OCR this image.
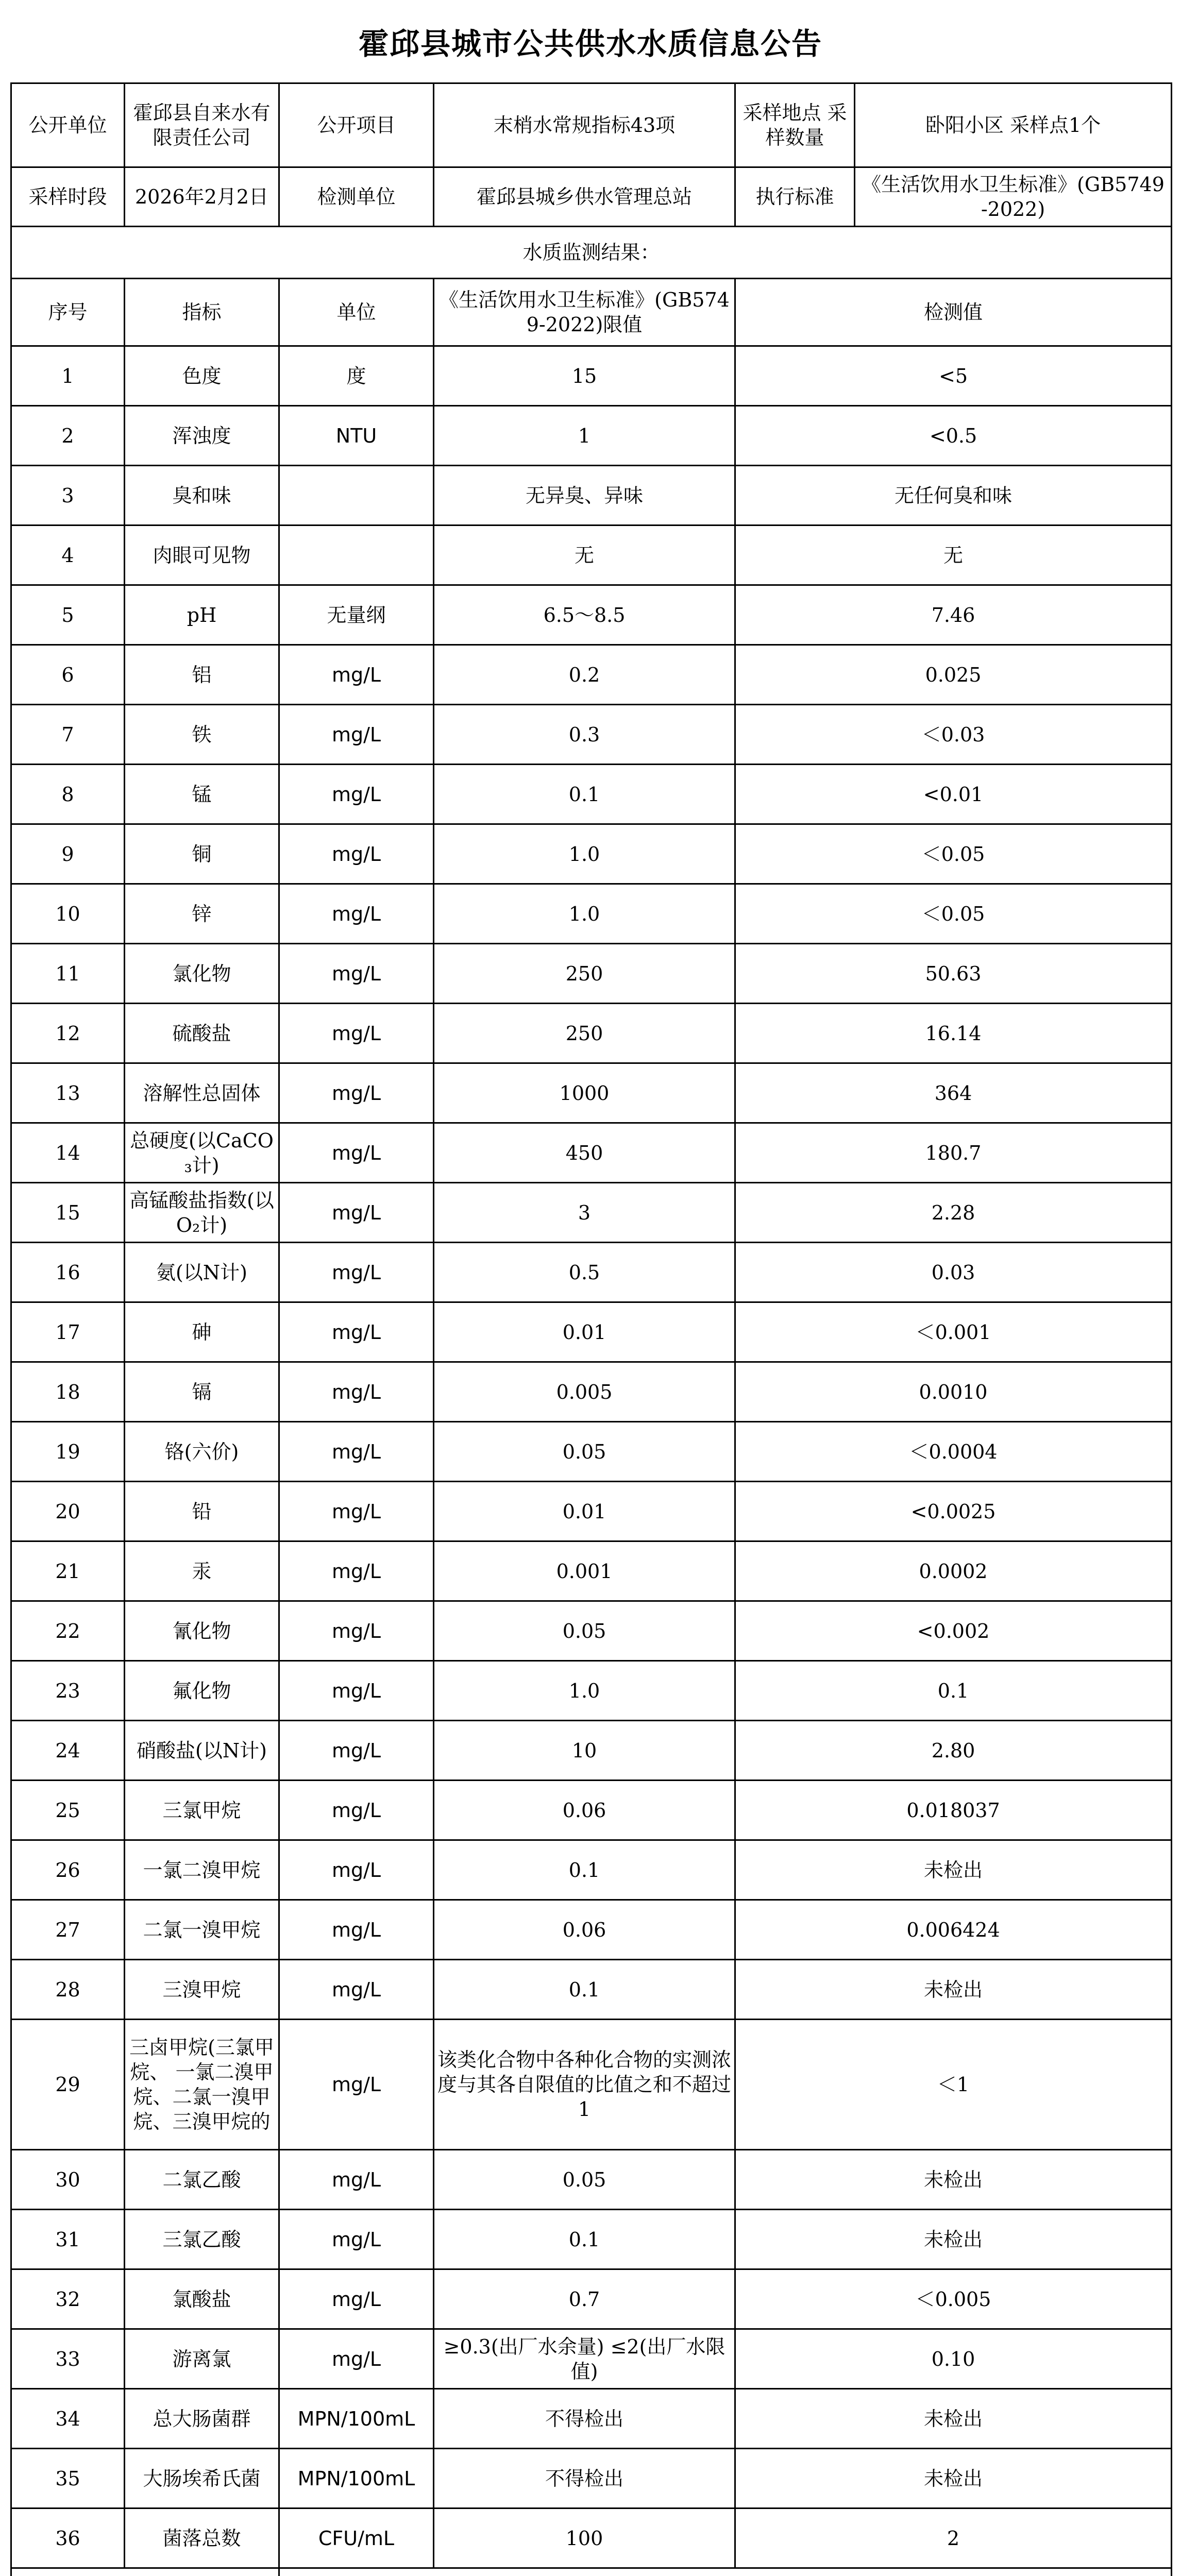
霍邱县城市公共供水水质信息公告
公开单位	霍邱县自来水有限责任公司	公开项目	末梢水常规指标43项	采样地点 采样数量	卧阳小区 采样点1个
采样时段	2026年2月2日	检测单位	霍邱县城乡供水管理总站	执行标准	《生活饮用水卫生标准》(GB5749-2022)
水质监测结果：					
序号	指标	单位	《生活饮用水卫生标准》(GB5749-2022)限值	检测值	
1	色度	度	15	<5	
2	浑浊度	NTU	1	<0.5	
3	臭和味		无异臭、异味	无任何臭和味	
4	肉眼可见物		无	无	
5	pH	无量纲	6.5～8.5	7.46	
6	铝	mg/L	0.2	0.025	
7	铁	mg/L	0.3	＜0.03	
8	锰	mg/L	0.1	<0.01	
9	铜	mg/L	1.0	＜0.05	
10	锌	mg/L	1.0	＜0.05	
11	氯化物	mg/L	250	50.63	
12	硫酸盐	mg/L	250	16.14	
13	溶解性总固体	mg/L	1000	364	
14	总硬度(以CaCO₃计)	mg/L	450	180.7	
15	高锰酸盐指数(以O₂计)	mg/L	3	2.28	
16	氨(以N计)	mg/L	0.5	0.03	
17	砷	mg/L	0.01	＜0.001	
18	镉	mg/L	0.005	0.0010	
19	铬(六价)	mg/L	0.05	＜0.0004	
20	铅	mg/L	0.01	<0.0025	
21	汞	mg/L	0.001	0.0002	
22	氰化物	mg/L	0.05	<0.002	
23	氟化物	mg/L	1.0	0.1	
24	硝酸盐(以N计)	mg/L	10	2.80	
25	三氯甲烷	mg/L	0.06	0.018037	
26	一氯二溴甲烷	mg/L	0.1	未检出	
27	二氯一溴甲烷	mg/L	0.06	0.006424	
28	三溴甲烷	mg/L	0.1	未检出	
29	三卤甲烷(三氯甲烷、 一氯二溴甲烷、二氯一溴甲烷、三溴甲烷的	mg/L	该类化合物中各种化合物的实测浓度与其各自限值的比值之和不超过1	＜1	
30	二氯乙酸	mg/L	0.05	未检出	
31	三氯乙酸	mg/L	0.1	未检出	
32	氯酸盐	mg/L	0.7	＜0.005	
33	游离氯	mg/L	≥0.3(出厂水余量) ≤2(出厂水限值)	0.10	
34	总大肠菌群	MPN/100mL	不得检出	未检出	
35	大肠埃希氏菌	MPN/100mL	不得检出	未检出	
36	菌落总数	CFU/mL	100	2	
